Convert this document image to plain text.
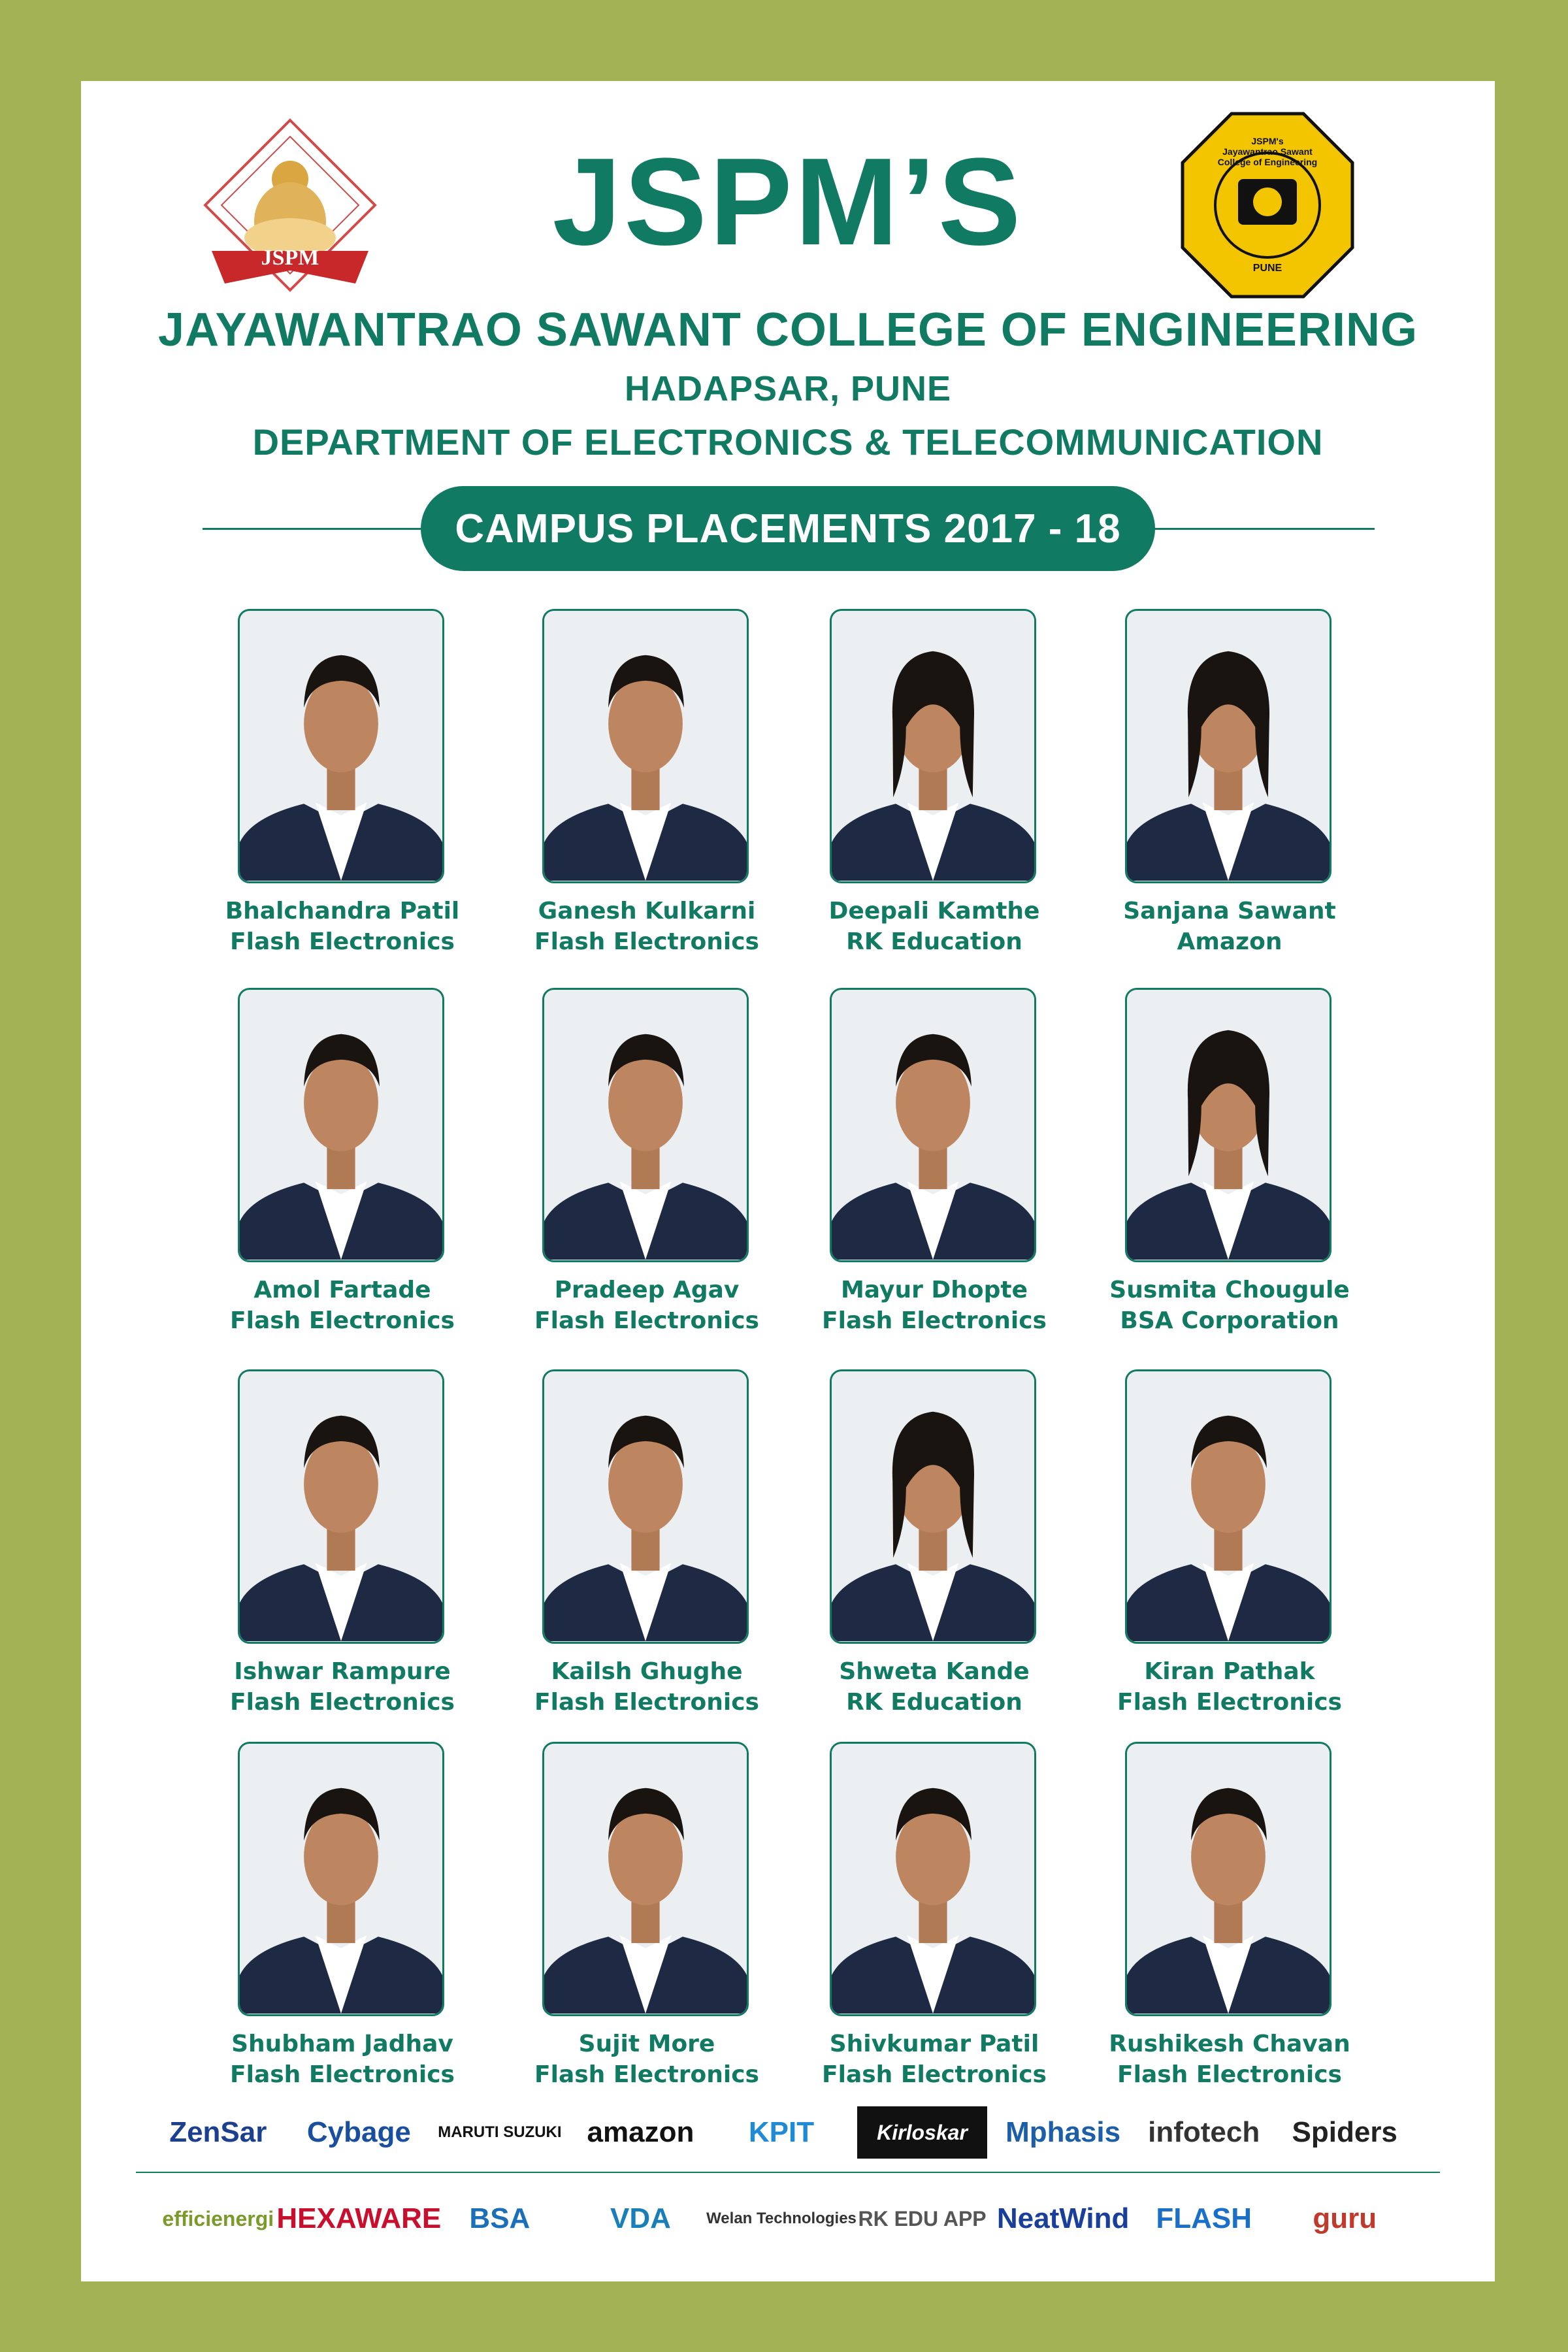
JSPM
JSPM's
Jayawantrao Sawant
College of Engineering
PUNE
JSPM’S
JAYAWANTRAO SAWANT COLLEGE OF ENGINEERING
HADAPSAR, PUNE
DEPARTMENT OF ELECTRONICS & TELECOMMUNICATION
CAMPUS PLACEMENTS 2017 - 18
Bhalchandra Patil
Flash Electronics
Ganesh Kulkarni
Flash Electronics
Deepali Kamthe
RK Education
Sanjana Sawant
Amazon
Amol Fartade
Flash Electronics
Pradeep Agav
Flash Electronics
Mayur Dhopte
Flash Electronics
Susmita Chougule
BSA Corporation
Ishwar Rampure
Flash Electronics
Kailsh Ghughe
Flash Electronics
Shweta Kande
RK Education
Kiran Pathak
Flash Electronics
Shubham Jadhav
Flash Electronics
Sujit More
Flash Electronics
Shivkumar Patil
Flash Electronics
Rushikesh Chavan
Flash Electronics
ZenSar	Cybage	MARUTI SUZUKI amazon	KPIT	Kirloskar	Mphasis infotech	Spiders
efficienergi HEXAWARE BSA	VDA	Welan Technologies RK EDU APP NeatWind FLASH	guru
